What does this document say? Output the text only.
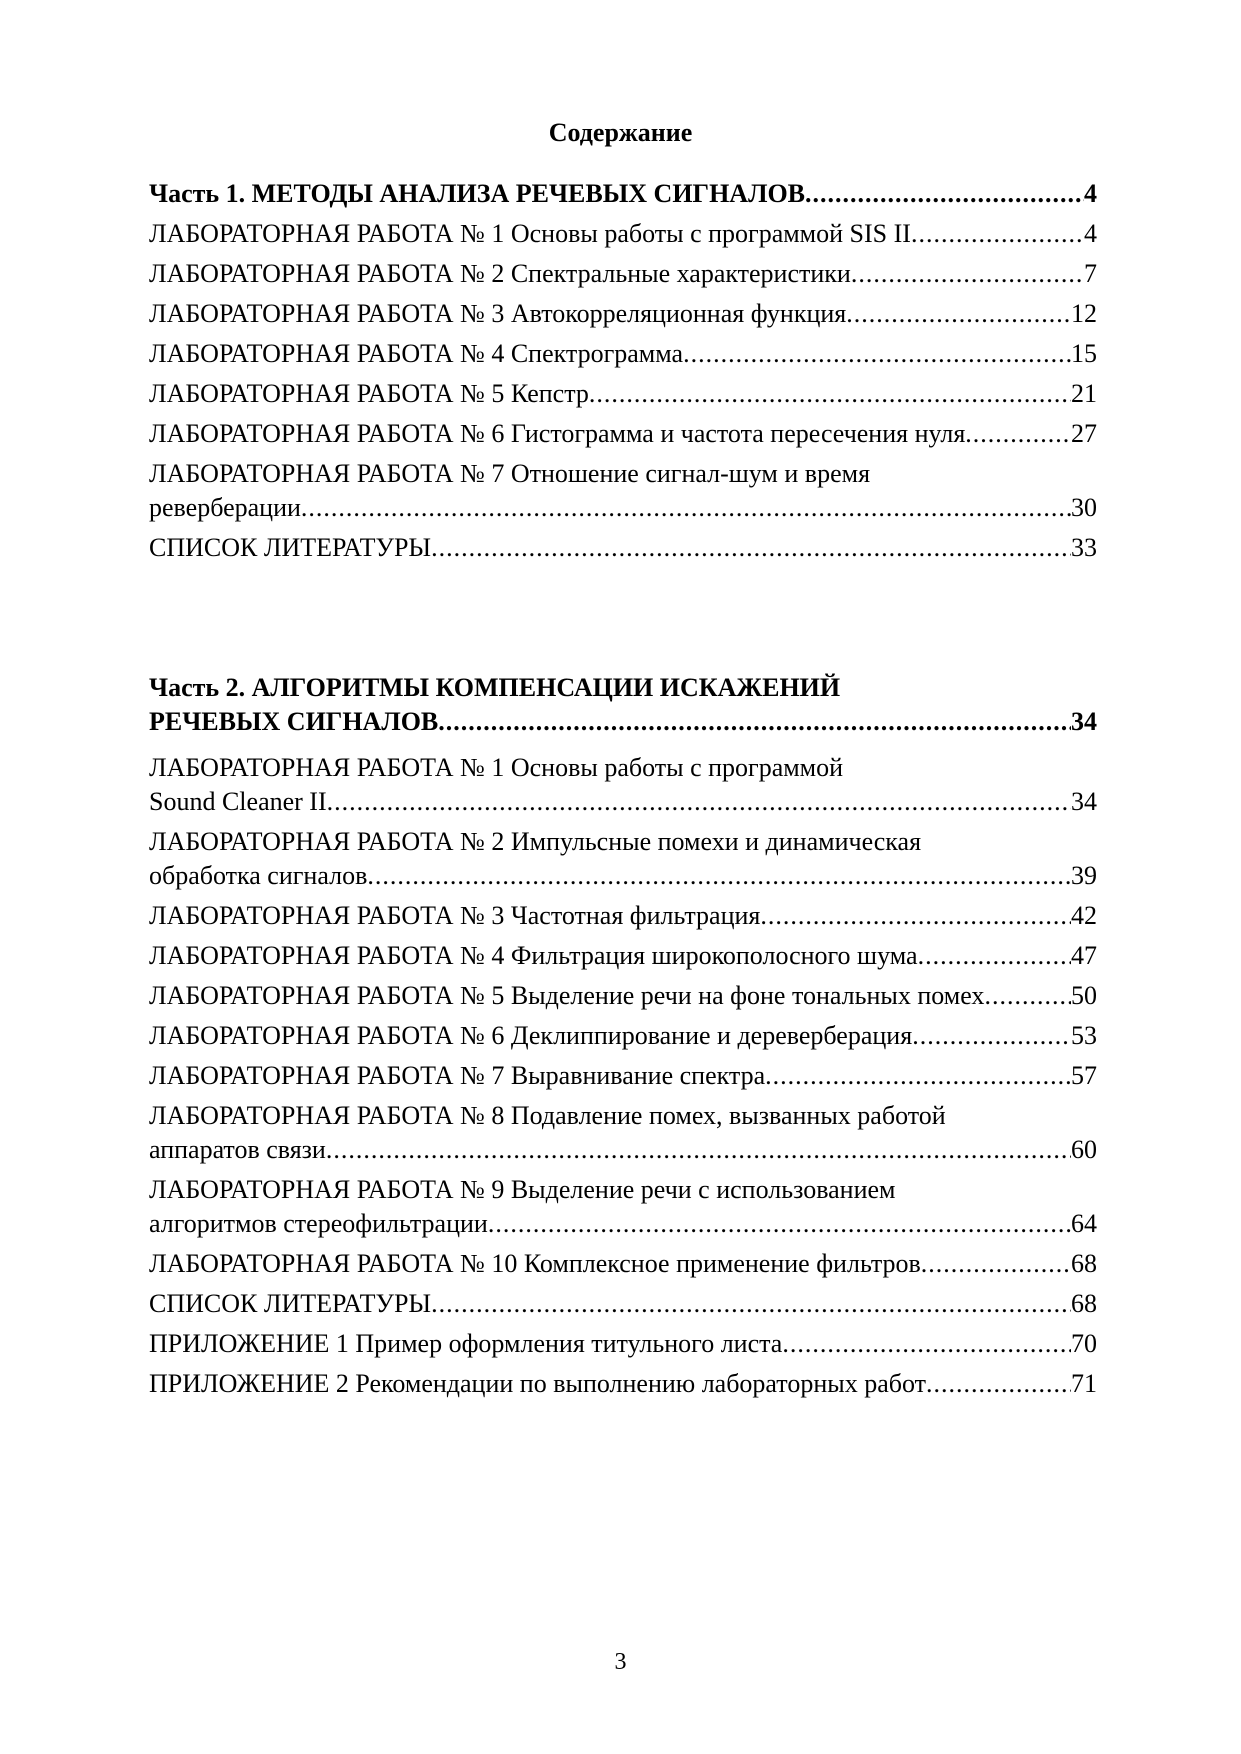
Содержание
Часть 1. МЕТОДЫ АНАЛИЗА РЕЧЕВЫХ СИГНАЛОВ .....	4
ЛАБОРАТОРНАЯ РАБОТА № 1 Основы работы с программой SIS II .....	4
ЛАБОРАТОРНАЯ РАБОТА № 2 Спектральные характеристики .....	7
ЛАБОРАТОРНАЯ РАБОТА № 3 Автокорреляционная функция .....	12
ЛАБОРАТОРНАЯ РАБОТА № 4 Спектрограмма .....	15
ЛАБОРАТОРНАЯ РАБОТА № 5 Кепстр .....	21
ЛАБОРАТОРНАЯ РАБОТА № 6 Гистограмма и частота пересечения нуля .....	27
ЛАБОРАТОРНАЯ РАБОТА № 7 Отношение сигнал-шум и время
реверберации .....	30
СПИСОК ЛИТЕРАТУРЫ .....	33
Часть 2. АЛГОРИТМЫ КОМПЕНСАЦИИ ИСКАЖЕНИЙ
РЕЧЕВЫХ СИГНАЛОВ .....	34
ЛАБОРАТОРНАЯ РАБОТА № 1 Основы работы с программой
Sound Cleaner II .....	34
ЛАБОРАТОРНАЯ РАБОТА № 2 Импульсные помехи и динамическая
обработка сигналов .....	39
ЛАБОРАТОРНАЯ РАБОТА № 3 Частотная фильтрация .....	42
ЛАБОРАТОРНАЯ РАБОТА № 4 Фильтрация широкополосного шума .....	47
ЛАБОРАТОРНАЯ РАБОТА № 5 Выделение речи на фоне тональных помех .....	50
ЛАБОРАТОРНАЯ РАБОТА № 6 Деклиппирование и дереверберация .....	53
ЛАБОРАТОРНАЯ РАБОТА № 7 Выравнивание спектра .....	57
ЛАБОРАТОРНАЯ РАБОТА № 8 Подавление помех, вызванных работой
аппаратов связи .....	60
ЛАБОРАТОРНАЯ РАБОТА № 9 Выделение речи с использованием
алгоритмов стереофильтрации .....	64
ЛАБОРАТОРНАЯ РАБОТА № 10 Комплексное применение фильтров .....	68
СПИСОК ЛИТЕРАТУРЫ .....	68
ПРИЛОЖЕНИЕ 1 Пример оформления титульного листа .....	70
ПРИЛОЖЕНИЕ 2 Рекомендации по выполнению лабораторных работ .....	71
3
